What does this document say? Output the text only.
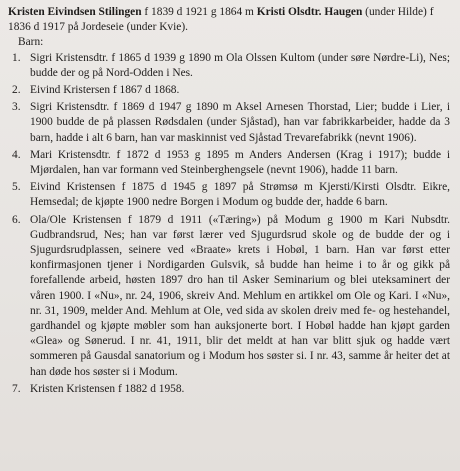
Kristen Eivindsen Stilingen f 1839 d 1921 g 1864 m Kristi Olsdtr. Haugen (under Hilde) f 1836 d 1917 på Jordeseie (under Kvie).

Barn:

1. Sigri Kristensdtr. f 1865 d 1939 g 1890 m Ola Olssen Kultom (under søre Nørdre-Li), Nes; budde der og på Nord-Odden i Nes.
2. Eivind Kristersen f 1867 d 1868.
3. Sigri Kristensdtr. f 1869 d 1947 g 1890 m Aksel Arnesen Thorstad, Lier; budde i Lier, i 1900 budde de på plassen Rødsdalen (under Sjåstad), han var fabrikkarbeider, hadde da 3 barn, hadde i alt 6 barn, han var maskinnist ved Sjåstad Trevarefabrikk (nevnt 1906).
4. Mari Kristensdtr. f 1872 d 1953 g 1895 m Anders Andersen (Krag i 1917); budde i Mjørdalen, han var formann ved Steinberghengsele (nevnt 1906), hadde 11 barn.
5. Eivind Kristensen f 1875 d 1945 g 1897 på Strømsø m Kjersti/Kirsti Olsdtr. Eikre, Hemsedal; de kjøpte 1900 nedre Borgen i Modum og budde der, hadde 6 barn.
6. Ola/Ole Kristensen f 1879 d 1911 («Tæring») på Modum g 1900 m Kari Nubsdtr. Gudbrandsrud, Nes; han var først lærer ved Sjugurdsrud skole og de budde der og i Sjugurdsrudplassen, seinere ved «Braate» krets i Hobøl, 1 barn. Han var først etter konfirmasjonen tjener i Nordigarden Gulsvik, så budde han heime i to år og gikk på forefallende arbeid, høsten 1897 dro han til Asker Seminarium og blei uteksaminert der våren 1900. I «Nu», nr. 24, 1906, skreiv And. Mehlum en artikkel om Ole og Kari. I «Nu», nr. 31, 1909, melder And. Mehlum at Ole, ved sida av skolen dreiv med fe- og hestehandel, gardhandel og kjøpte møbler som han auksjonerte bort. I Hobøl hadde han kjøpt garden «Glea» og Sønerud. I nr. 41, 1911, blir det meldt at han var blitt sjuk og hadde vært sommeren på Gausdal sanatorium og i Modum hos søster si. I nr. 43, samme år heiter det at han døde hos søster si i Modum.
7. Kristen Kristensen f 1882 d 1958.
